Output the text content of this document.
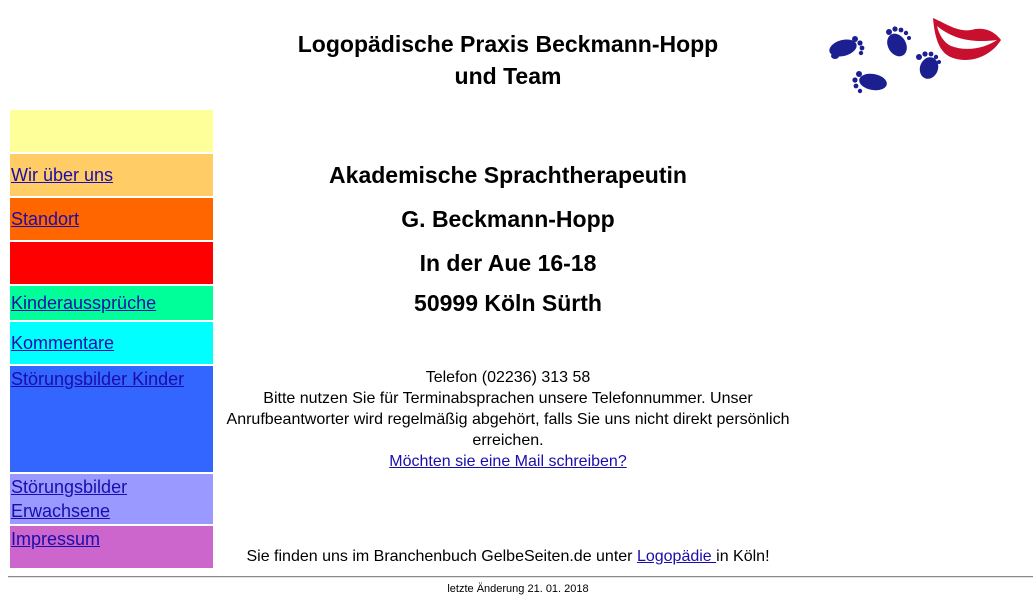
Logopädische Praxis Beckmann-Hopp
und Team
Wir über uns
Standort
Kinderaussprüche
Kommentare
Störungsbilder Kinder
Störungsbilder Erwachsene
Impressum
Akademische Sprachtherapeutin
G. Beckmann-Hopp
In der Aue 16-18
50999 Köln Sürth
Telefon (02236) 313 58
Bitte nutzen Sie für Terminabsprachen unsere Telefonnummer. Unser Anrufbeantworter wird regelmäßig abgehört, falls Sie uns nicht direkt persönlich erreichen.
Möchten sie eine Mail schreiben?
Sie finden uns im Branchenbuch GelbeSeiten.de unter Logopädie in Köln!
letzte Änderung 21. 01. 2018
